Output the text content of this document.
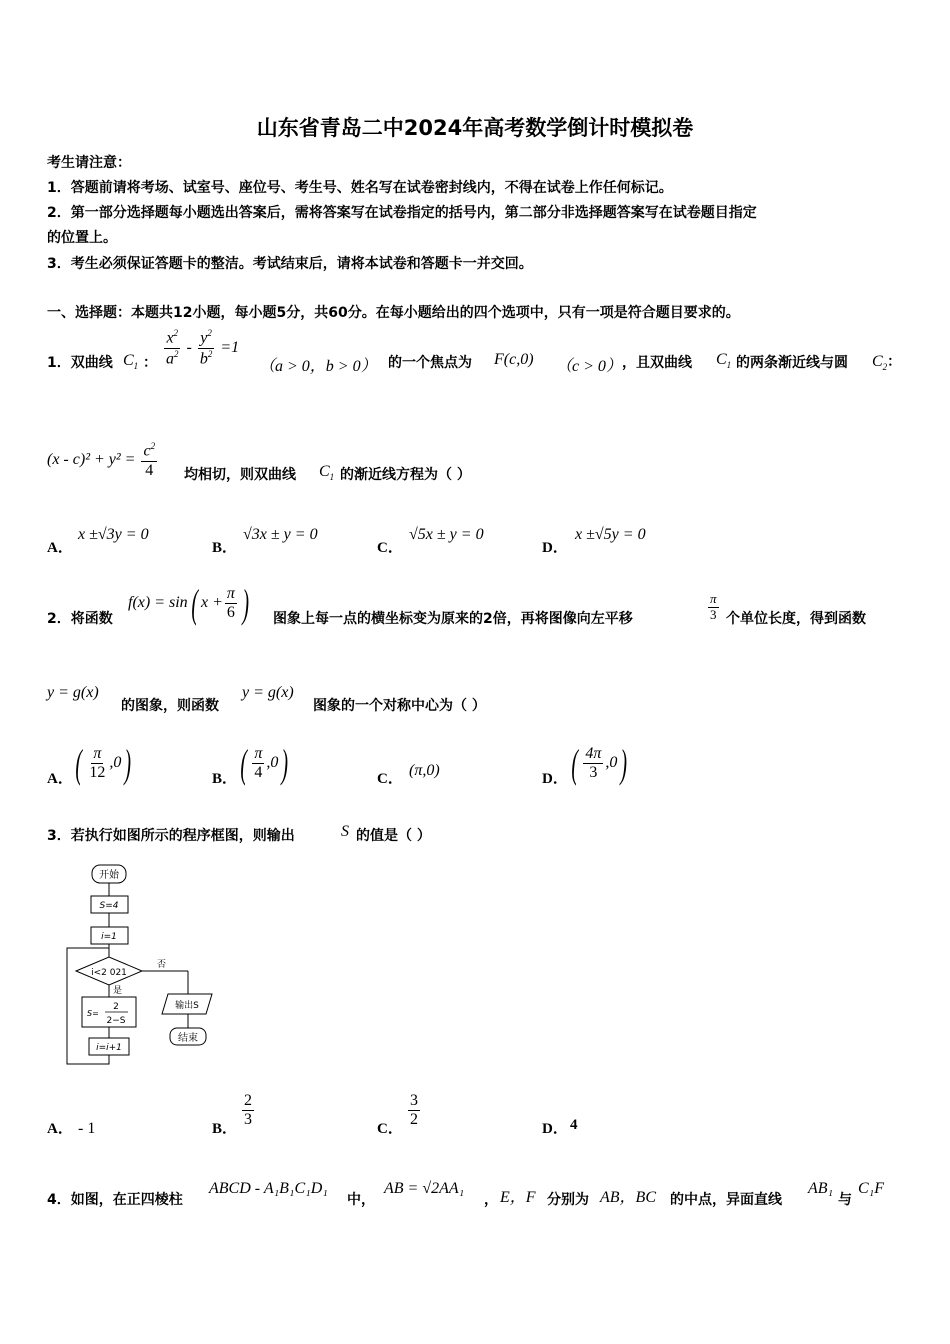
山东省青岛二中2024年高考数学倒计时模拟卷
考生请注意：
1．答题前请将考场、试室号、座位号、考生号、姓名写在试卷密封线内，不得在试卷上作任何标记。
2．第一部分选择题每小题选出答案后，需将答案写在试卷指定的括号内，第二部分非选择题答案写在试卷题目指定
的位置上。
3．考生必须保证答题卡的整洁。考试结束后，请将本试卷和答题卡一并交回。
一、选择题：本题共12小题，每小题5分，共60分。在每小题给出的四个选项中，只有一项是符合题目要求的。
1．双曲线 $C_1$ ： $\frac{x^2}{a^2} - \frac{y^2}{b^2} =1$
（a > 0，b > 0） 的一个焦点为 F(c,0) （c > 0） ，且双曲线 $C_1$ 的两条渐近线与圆 $C_2$：
$(x - c)^2 + y^2 = \frac{c^2}{4}$ 均相切，则双曲线 $C_1$ 的渐近线方程为（ ）
A．
x ±√3y = 0
B．
√3x ± y = 0
C．
√5x ± y = 0
D．
x ±√5y = 0
2．将函数
f(x) = sin( $x + \frac{\pi}{6}$ ) 图象上每一点的横坐标变为原来的2倍，再将图像向左平移	$\frac{\pi}{3}$ 个单位长度，得到函数
y = g(x)
的图象，则函数
y = g(x)
图象的一个对称中心为（ ）
A． ( $\frac{\pi}{12} ,0$)	B． ( $\frac{\pi}{4} ,0$)	C． (π,0)	D． ( $\frac{4\pi}{3} ,0$)
3．若执行如图所示的程序框图，则输出	S 的值是（ ）
开始
S=4
i=1
i<2 021
否
是
S=
2
2−S
输出S
i=i+1
结束
A． - 1	B． $\frac{2}{3}$	C． $\frac{3}{2}$	D． 4
4．如图，在正四棱柱
ABCD - A₁B₁C₁D₁
中，
AB = √2AA₁
， E，F 分别为 AB，BC 的中点，异面直线
AB₁
与
C₁F
